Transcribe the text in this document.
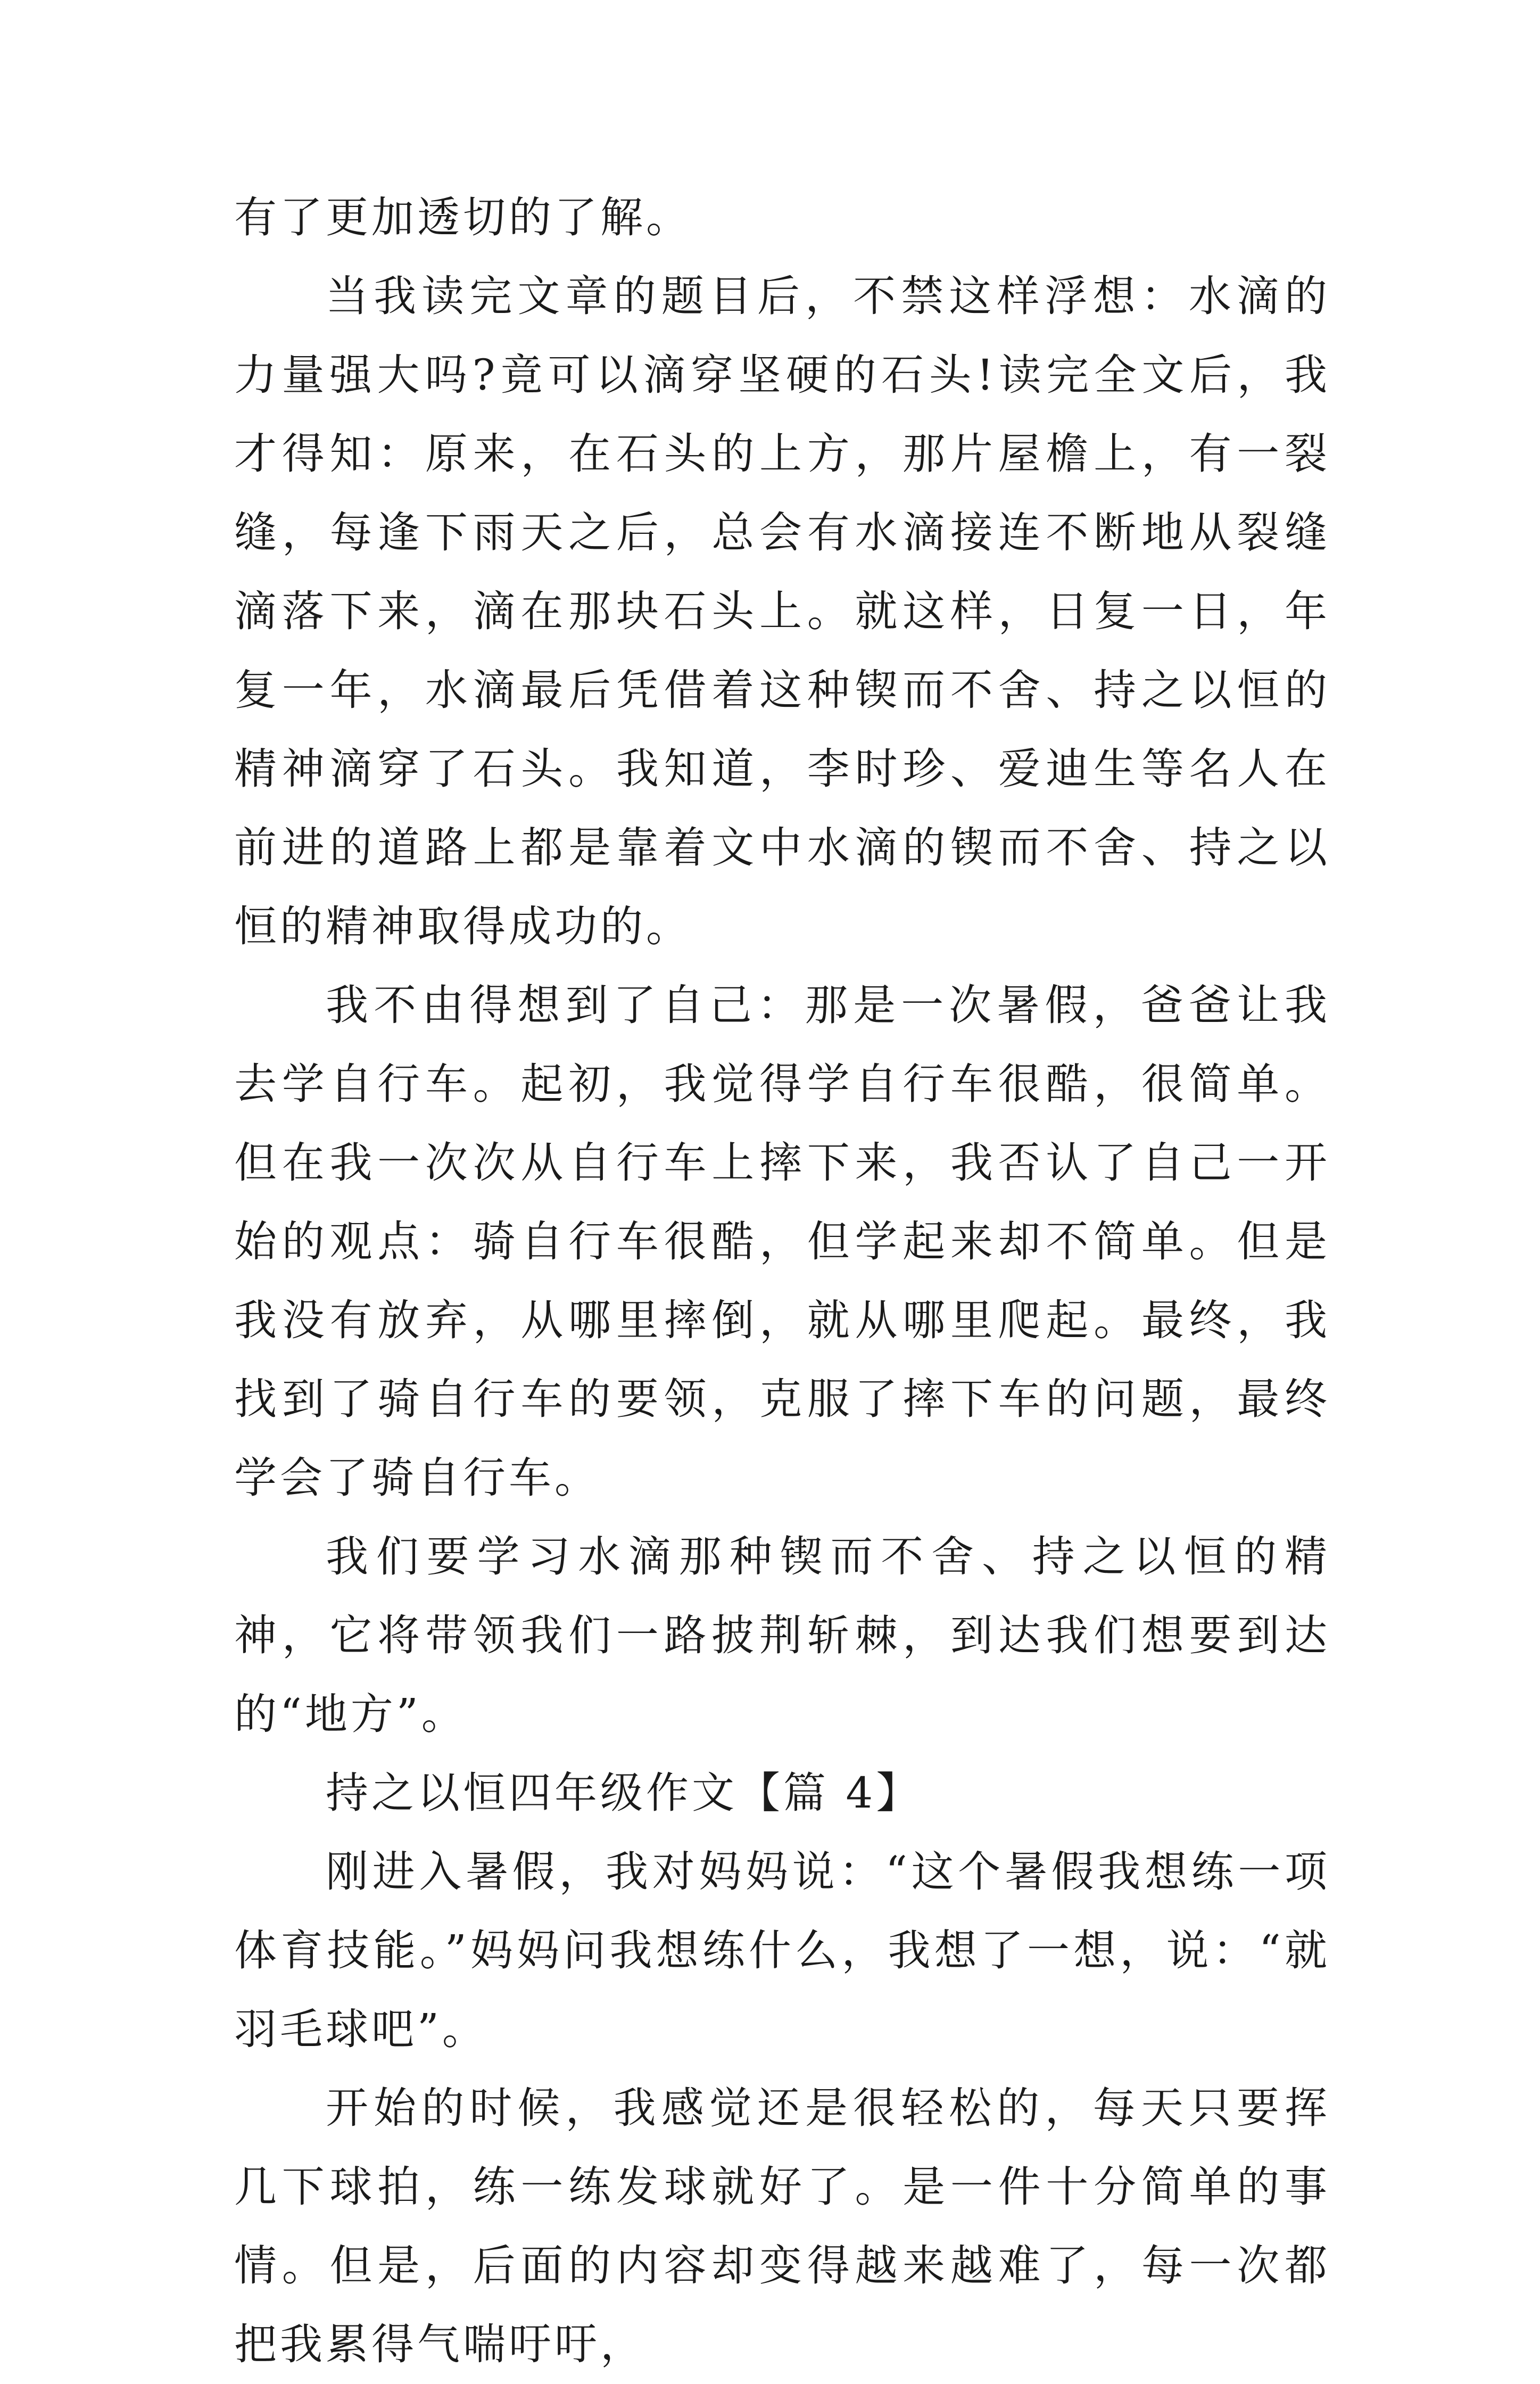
有了更加透切的了解。

当我读完文章的题目后，不禁这样浮想：水滴的力量强大吗?竟可以滴穿坚硬的石头!读完全文后，我才得知：原来，在石头的上方，那片屋檐上，有一裂缝，每逢下雨天之后，总会有水滴接连不断地从裂缝滴落下来，滴在那块石头上。就这样，日复一日，年复一年，水滴最后凭借着这种锲而不舍、持之以恒的精神滴穿了石头。我知道，李时珍、爱迪生等名人在前进的道路上都是靠着文中水滴的锲而不舍、持之以恒的精神取得成功的。

我不由得想到了自己：那是一次暑假，爸爸让我去学自行车。起初，我觉得学自行车很酷，很简单。但在我一次次从自行车上摔下来，我否认了自己一开始的观点：骑自行车很酷，但学起来却不简单。但是我没有放弃，从哪里摔倒，就从哪里爬起。最终，我找到了骑自行车的要领，克服了摔下车的问题，最终学会了骑自行车。

我们要学习水滴那种锲而不舍、持之以恒的精神，它将带领我们一路披荆斩棘，到达我们想要到达的“地方”。

持之以恒四年级作文【篇 4】

刚进入暑假，我对妈妈说：“这个暑假我想练一项体育技能。”妈妈问我想练什么，我想了一想，说：“就羽毛球吧”。

开始的时候，我感觉还是很轻松的，每天只要挥几下球拍，练一练发球就好了。是一件十分简单的事情。但是，后面的内容却变得越来越难了，每一次都把我累得气喘吁吁，
